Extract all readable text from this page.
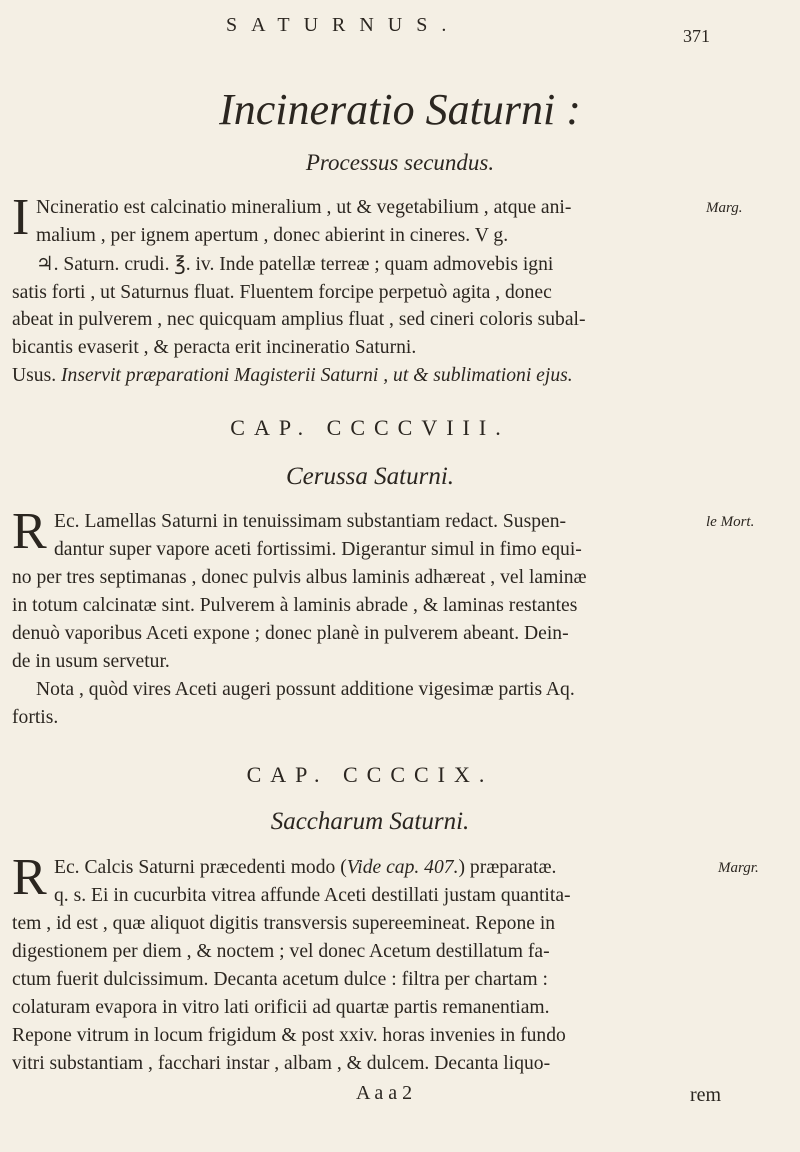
SATURNUS.	371
Incineratio Saturni :
Processus secundus.
I	Marg.
Ncineratio est calcinatio mineralium , ut & vegetabilium , atque ani-
malium , per ignem apertum , donec abierint in cineres. V g.
♃. Saturn. crudi. ℥. iv. Inde patellæ terreæ ; quam admovebis igni
satis forti , ut Saturnus fluat. Fluentem forcipe perpetuò agita , donec
abeat in pulverem , nec quicquam amplius fluat , sed cineri coloris subal-
bicantis evaserit , & peracta erit incineratio Saturni.
Usus. Inservit præparationi Magisterii Saturni , ut & sublimationi ejus.
CAP. CCCCVIII.
Cerussa Saturni.
R	le Mort.
Ec. Lamellas Saturni in tenuissimam substantiam redact. Suspen-
dantur super vapore aceti fortissimi. Digerantur simul in fimo equi-
no per tres septimanas , donec pulvis albus laminis adhæreat , vel laminæ
in totum calcinatæ sint. Pulverem à laminis abrade , & laminas restantes
denuò vaporibus Aceti expone ; donec planè in pulverem abeant. Dein-
de in usum servetur.
Nota , quòd vires Aceti augeri possunt additione vigesimæ partis Aq.
fortis.
CAP. CCCCIX.
Saccharum Saturni.
R	Margr.
Ec. Calcis Saturni præcedenti modo (Vide cap. 407.) præparatæ.
q. s. Ei in cucurbita vitrea affunde Aceti destillati justam quantita-
tem , id est , quæ aliquot digitis transversis supereemineat. Repone in
digestionem per diem , & noctem ; vel donec Acetum destillatum fa-
ctum fuerit dulcissimum. Decanta acetum dulce : filtra per chartam :
colaturam evapora in vitro lati orificii ad quartæ partis remanentiam.
Repone vitrum in locum frigidum & post xxiv. horas invenies in fundo
vitri substantiam , facchari instar , albam , & dulcem. Decanta liquo-
A a a 2	rem
